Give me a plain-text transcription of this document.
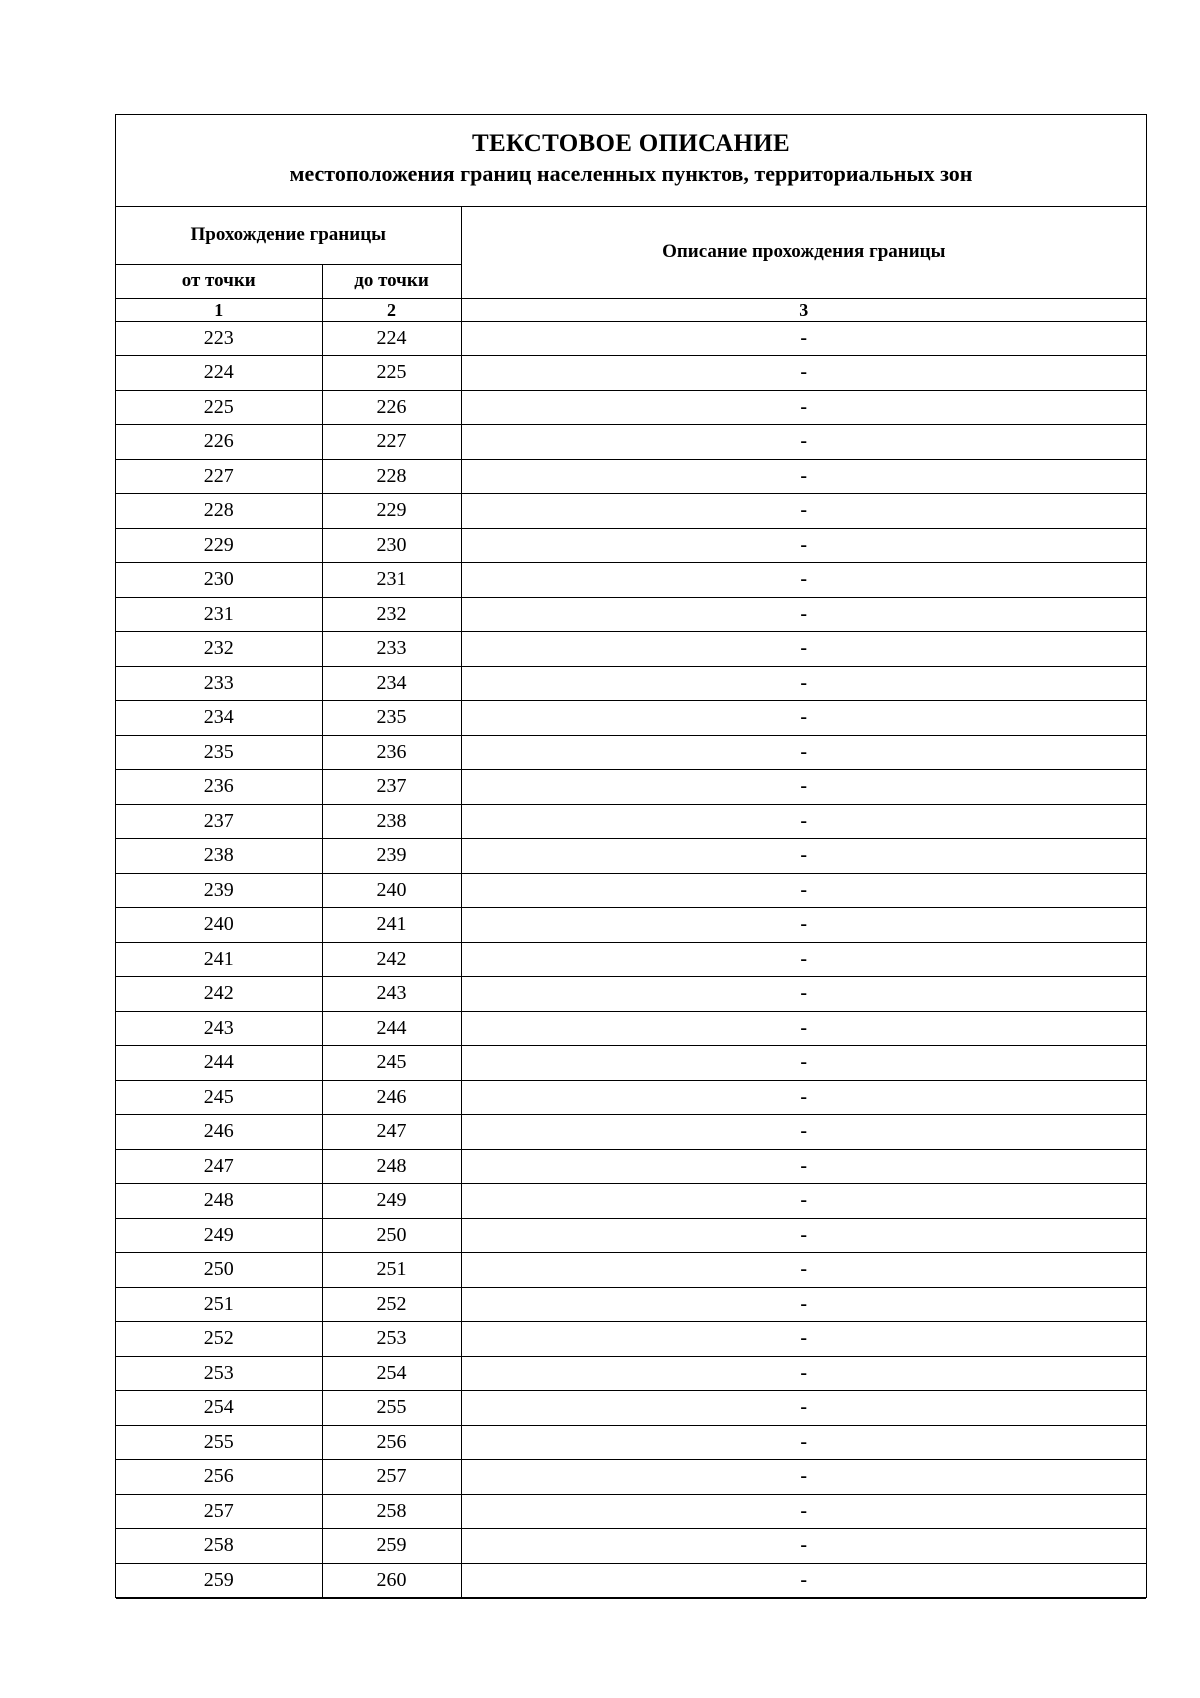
ТЕКСТОВОЕ ОПИСАНИЕ
местоположения границ населенных пунктов, территориальных зон
Прохождение границы		Описание прохождения границы
от точки	до точки	
1	2	3
223	224	-
224	225	-
225	226	-
226	227	-
227	228	-
228	229	-
229	230	-
230	231	-
231	232	-
232	233	-
233	234	-
234	235	-
235	236	-
236	237	-
237	238	-
238	239	-
239	240	-
240	241	-
241	242	-
242	243	-
243	244	-
244	245	-
245	246	-
246	247	-
247	248	-
248	249	-
249	250	-
250	251	-
251	252	-
252	253	-
253	254	-
254	255	-
255	256	-
256	257	-
257	258	-
258	259	-
259	260	-
